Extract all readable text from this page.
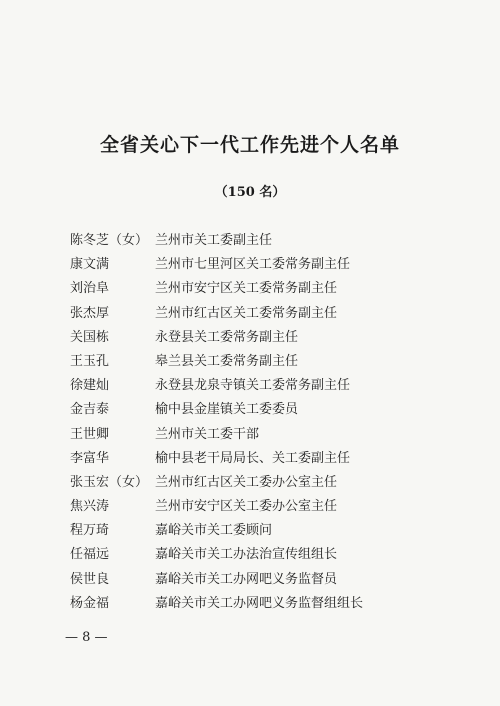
全省关心下一代工作先进个人名单
（150 名）
陈冬芝（女） 兰州市关工委副主任
康文满	兰州市七里河区关工委常务副主任
刘治阜	兰州市安宁区关工委常务副主任
张杰厚	兰州市红古区关工委常务副主任
关国栋	永登县关工委常务副主任
王玉孔	皋兰县关工委常务副主任
徐建灿	永登县龙泉寺镇关工委常务副主任
金吉泰	榆中县金崖镇关工委委员
王世卿	兰州市关工委干部
李富华	榆中县老干局局长、关工委副主任
张玉宏（女） 兰州市红古区关工委办公室主任
焦兴涛	兰州市安宁区关工委办公室主任
程万琦	嘉峪关市关工委顾问
任福远	嘉峪关市关工办法治宣传组组长
侯世良	嘉峪关市关工办网吧义务监督员
杨金福	嘉峪关市关工办网吧义务监督组组长
— 8 —
